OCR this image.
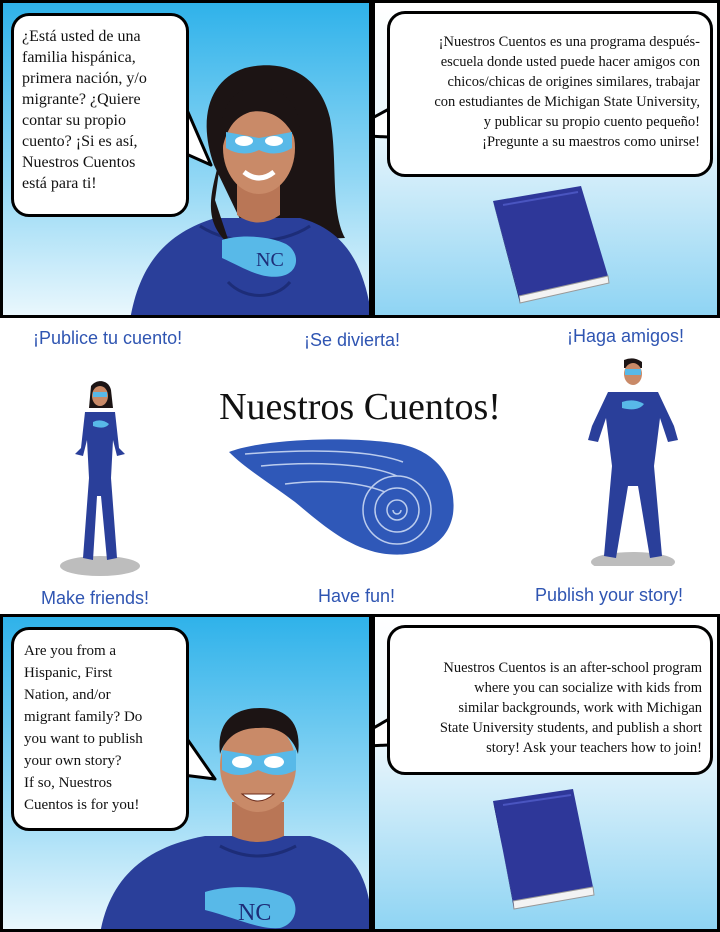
NC

¿Está usted de una
familia hispánica,
primera nación, y/o
migrante? ¿Quiere
contar su propio
cuento? ¡Si es así,
Nuestros Cuentos
está para ti!

¡Nuestros Cuentos es una programa después-
escuela donde usted puede hacer amigos con
chicos/chicas de origines similares, trabajar
con estudiantes de Michigan State University,
y publicar su propio cuento pequeño!
¡Pregunte a su maestros como unirse!

¡Publice tu cuento!	¡Se divierta!	¡Haga amigos!
Nuestros Cuentos!
Make friends!	Have fun!	Publish your story!
NC

Are you from a
Hispanic, First
Nation, and/or
migrant family? Do
you want to publish
your own story?
If so, Nuestros
Cuentos is for you!

Nuestros Cuentos is an after-school program
where you can socialize with kids from
similar backgrounds, work with Michigan
State University students, and publish a short
story! Ask your teachers how to join!
